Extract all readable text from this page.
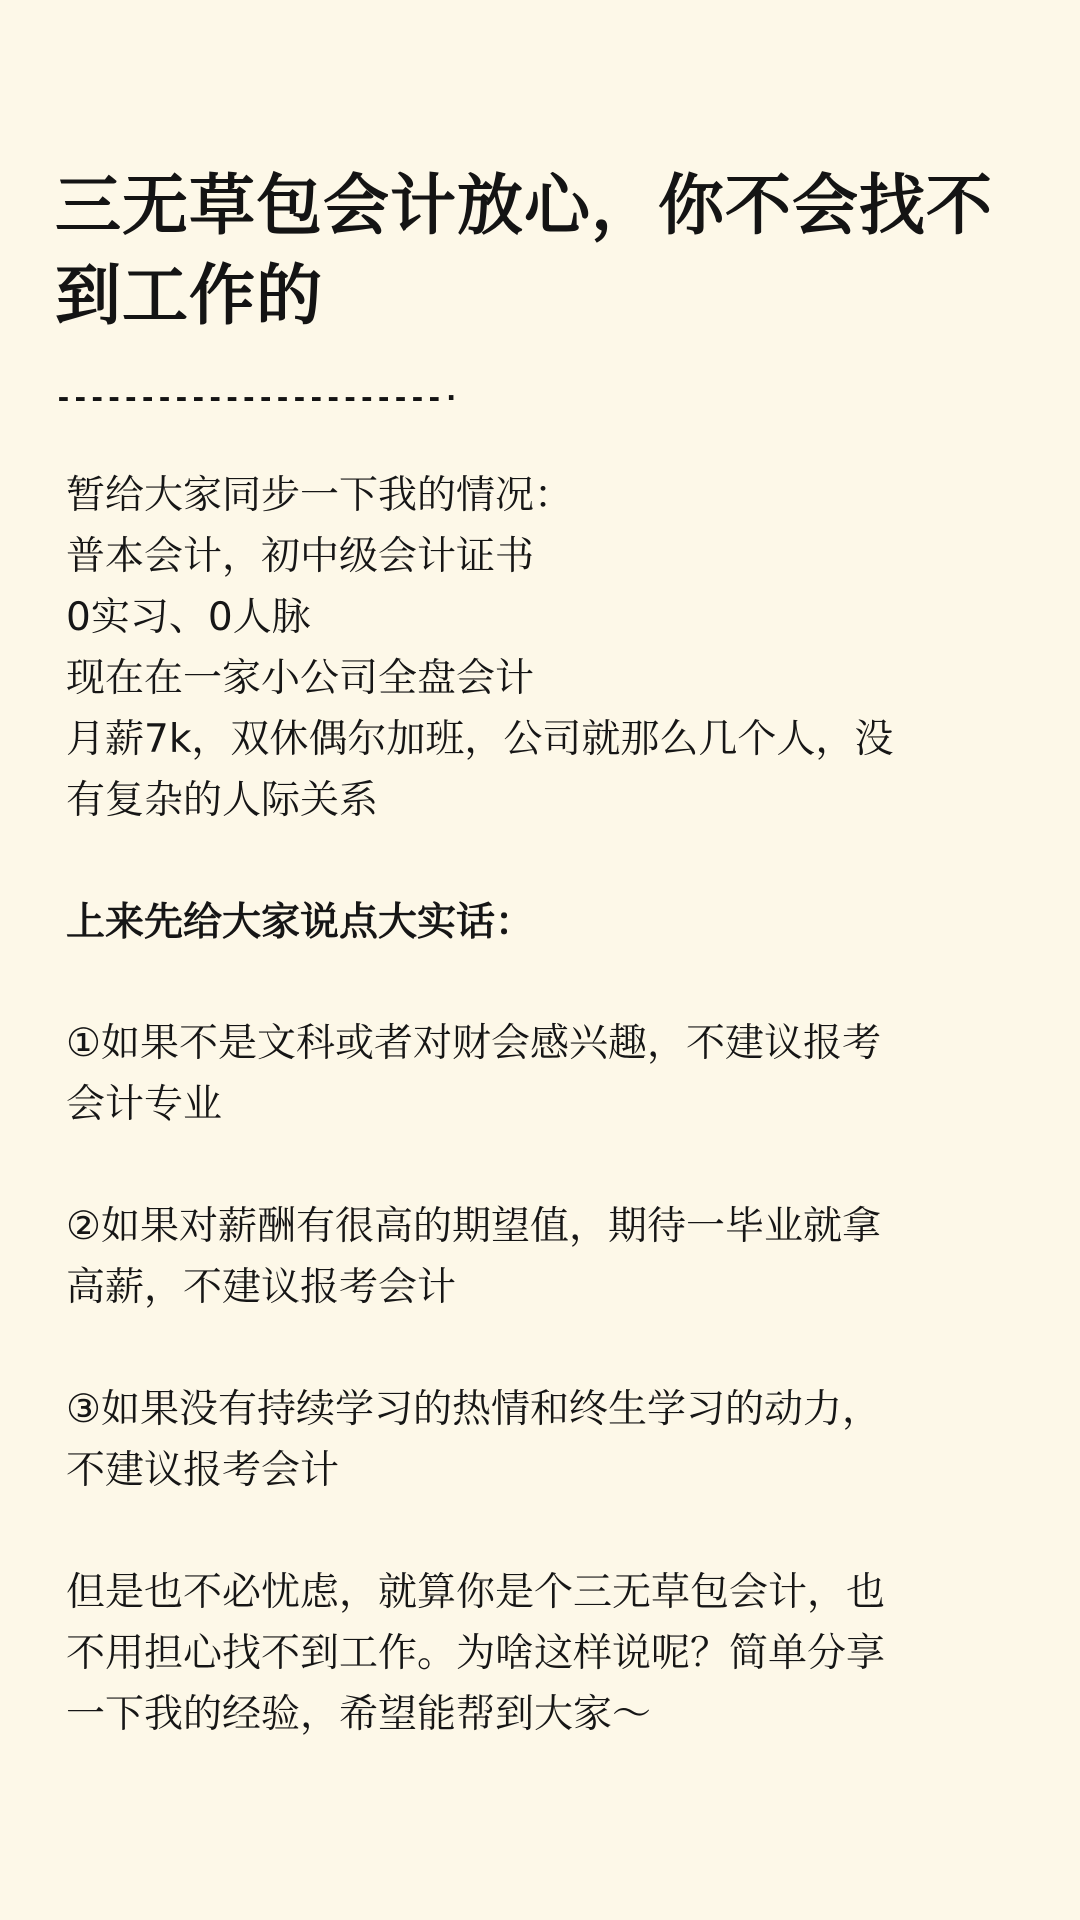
三无草包会计放心，你不会找不
到工作的
-----------------------·
暂给大家同步一下我的情况：
普本会计，初中级会计证书
0实习、0人脉
现在在一家小公司全盘会计
月薪7k，双休偶尔加班，公司就那么几个人，没
有复杂的人际关系
上来先给大家说点大实话：
①如果不是文科或者对财会感兴趣，不建议报考
会计专业
②如果对薪酬有很高的期望值，期待一毕业就拿
高薪，不建议报考会计
③如果没有持续学习的热情和终生学习的动力，
不建议报考会计
但是也不必忧虑，就算你是个三无草包会计，也
不用担心找不到工作。为啥这样说呢？简单分享
一下我的经验，希望能帮到大家～
